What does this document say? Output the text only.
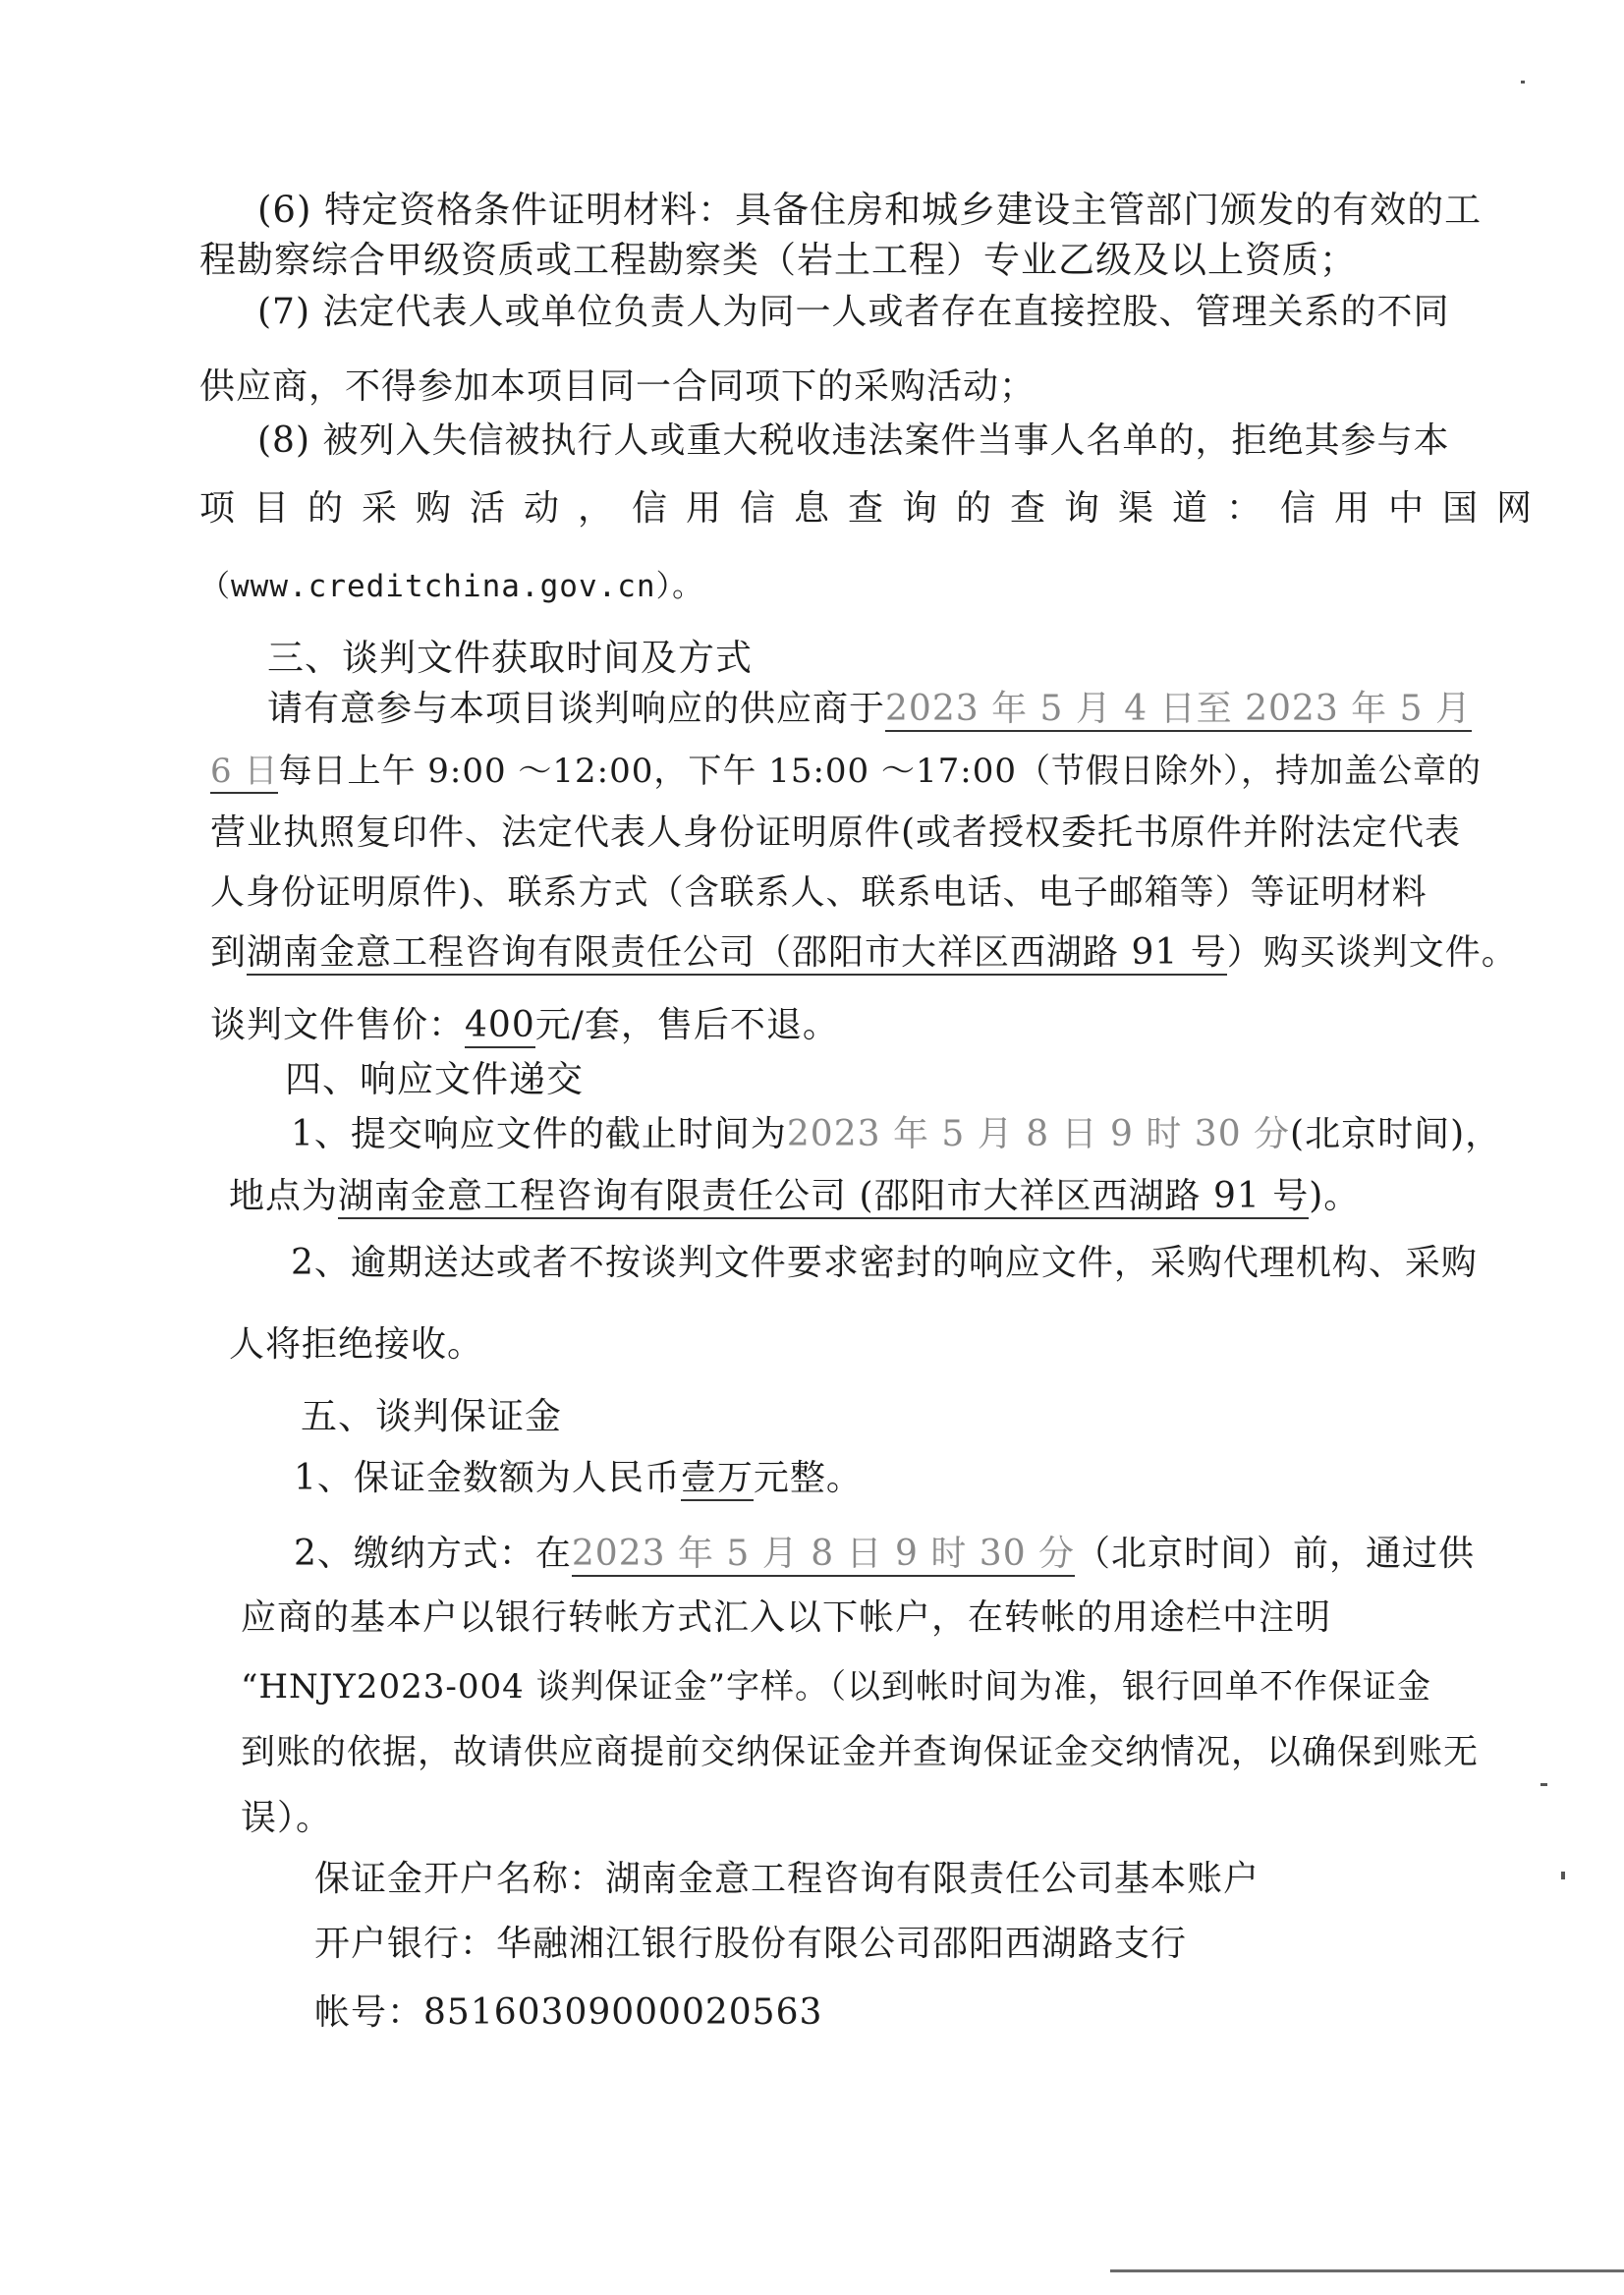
(6) 特定资格条件证明材料：具备住房和城乡建设主管部门颁发的有效的工
程勘察综合甲级资质或工程勘察类（岩土工程）专业乙级及以上资质；
(7) 法定代表人或单位负责人为同一人或者存在直接控股、管理关系的不同
供应商，不得参加本项目同一合同项下的采购活动；
(8) 被列入失信被执行人或重大税收违法案件当事人名单的，拒绝其参与本
项目的采购活动，信用信息查询的查询渠道：信用中国网
（www.creditchina.gov.cn）。
三、谈判文件获取时间及方式
请有意参与本项目谈判响应的供应商于2023 年 5 月 4 日至 2023 年 5 月
6 日每日上午 9:00 ～12:00，下午 15:00 ～17:00（节假日除外），持加盖公章的
营业执照复印件、法定代表人身份证明原件(或者授权委托书原件并附法定代表
人身份证明原件)、联系方式（含联系人、联系电话、电子邮箱等）等证明材料
到湖南金意工程咨询有限责任公司（邵阳市大祥区西湖路 91 号）购买谈判文件。
谈判文件售价：400元/套，售后不退。
四、响应文件递交
1、提交响应文件的截止时间为2023 年 5 月 8 日 9 时 30 分(北京时间)，
地点为湖南金意工程咨询有限责任公司 (邵阳市大祥区西湖路 91 号)。
2、逾期送达或者不按谈判文件要求密封的响应文件，采购代理机构、采购
人将拒绝接收。
五、谈判保证金
1、保证金数额为人民币壹万元整。
2、缴纳方式：在2023 年 5 月 8 日 9 时 30 分（北京时间）前，通过供
应商的基本户以银行转帐方式汇入以下帐户，在转帐的用途栏中注明
“HNJY2023-004 谈判保证金”字样。（以到帐时间为准，银行回单不作保证金
到账的依据，故请供应商提前交纳保证金并查询保证金交纳情况，以确保到账无
误）。
保证金开户名称：湖南金意工程咨询有限责任公司基本账户
开户银行：华融湘江银行股份有限公司邵阳西湖路支行
帐号：85160309000020563
